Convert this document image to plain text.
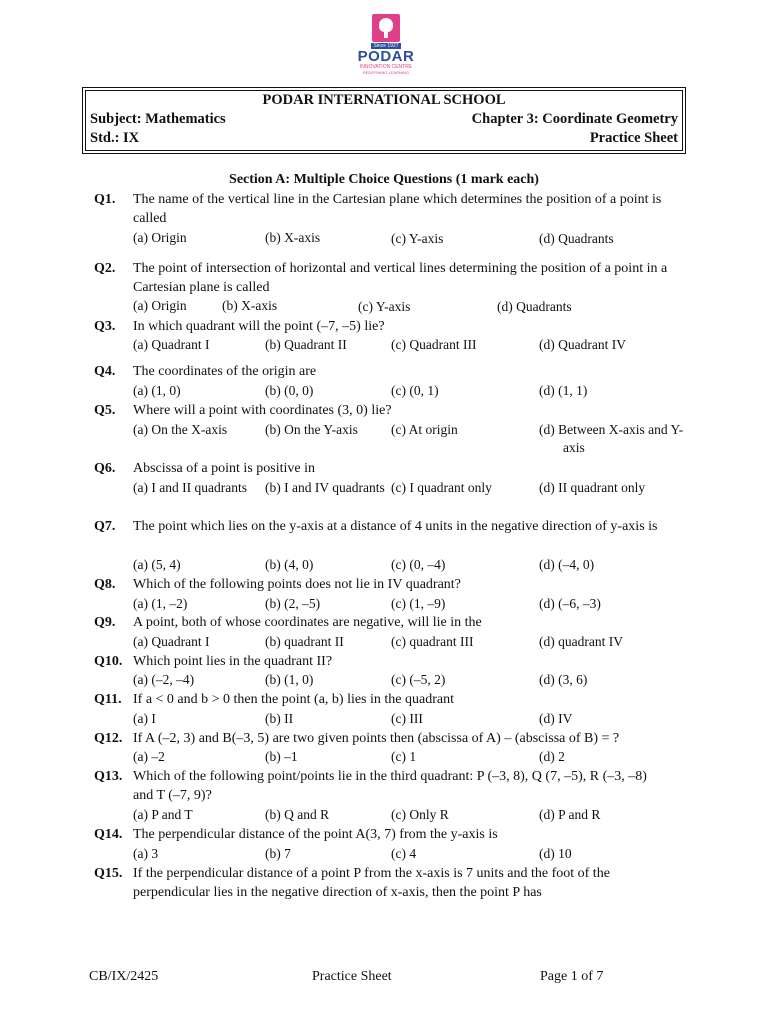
Since 1927
PODAR
INNOVATION CENTRE
REDEFINING LEARNING
PODAR INTERNATIONAL SCHOOL
Subject: Mathematics	Chapter 3: Coordinate Geometry
Std.: IX	Practice Sheet
Section A: Multiple Choice Questions (1 mark each)
Q1. The name of the vertical line in the Cartesian plane which determines the position of a point is called
(a) Origin	(b) X-axis	(c) Y-axis	(d) Quadrants
Q2. The point of intersection of horizontal and vertical lines determining the position of a point in a Cartesian plane is called
(a) Origin	(b) X-axis	(c) Y-axis	(d) Quadrants
Q3. In which quadrant will the point (–7, –5) lie?
(a) Quadrant I	(b) Quadrant II	(c) Quadrant III	(d) Quadrant IV
Q4. The coordinates of the origin are
(a) (1, 0)	(b) (0, 0)	(c) (0, 1)	(d) (1, 1)
Q5. Where will a point with coordinates (3, 0) lie?
(a) On the X-axis	(b) On the Y-axis (c) At origin	(d) Between X-axis and Y-axis
Q6. Abscissa of a point is positive in
(a) I and II quadrants	(b) I and IV quadrants (c) I quadrant only	(d) II quadrant only
Q7. The point which lies on the y-axis at a distance of 4 units in the negative direction of y-axis is
(a) (5, 4)	(b) (4, 0)	(c) (0, –4)	(d) (–4, 0)
Q8. Which of the following points does not lie in IV quadrant?
(a) (1, –2)	(b) (2, –5)	(c) (1, –9)	(d) (–6, –3)
Q9. A point, both of whose coordinates are negative, will lie in the
(a) Quadrant I	(b) quadrant II	(c) quadrant III	(d) quadrant IV
Q10. Which point lies in the quadrant II?
(a) (–2, –4)	(b) (1, 0)	(c) (–5, 2)	(d) (3, 6)
Q11. If a < 0 and b > 0 then the point (a, b) lies in the quadrant
(a) I	(b) II	(c) III	(d) IV
Q12. If A (–2, 3) and B(–3, 5) are two given points then (abscissa of A) – (abscissa of B) = ?
(a) –2	(b) –1	(c) 1	(d) 2
Q13. Which of the following point/points lie in the third quadrant: P (–3, 8), Q (7, –5), R (–3, –8) and T (–7, 9)?
(a) P and T	(b) Q and R	(c) Only R	(d) P and R
Q14. The perpendicular distance of the point A(3, 7) from the y-axis is
(a) 3	(b) 7	(c) 4	(d) 10
Q15. If the perpendicular distance of a point P from the x-axis is 7 units and the foot of the perpendicular lies in the negative direction of x-axis, then the point P has
CB/IX/2425	Practice Sheet	Page 1 of 7
